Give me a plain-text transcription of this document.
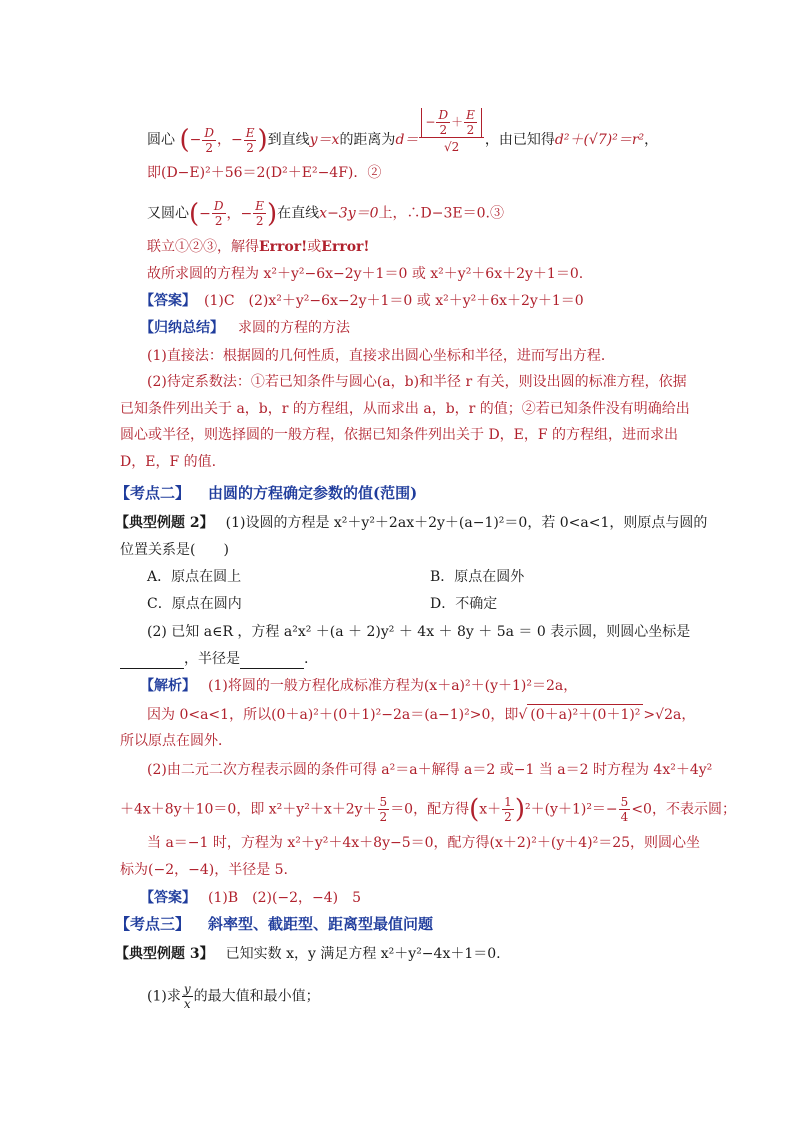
圆心 (− $\frac{D}{2}$ ，− $\frac{E}{2}$ )到直线y＝x的距离为$d= \frac{- \frac{D}{2} + \frac{E}{2}}{√2}$ ，由已知得d²＋(√7)²＝r²，
即(D−E)²＋56＝2(D²＋E²−4F)．②
又圆心(− $\frac{D}{2}$ ，− $\frac{E}{2}$ )在直线x−3y＝0上，∴D−3E＝0.③
联立①②③，解得Error!或Error!
故所求圆的方程为 x²＋y²−6x−2y＋1＝0 或 x²＋y²＋6x＋2y＋1＝0.
【答案】 (1)C　(2)x²＋y²−6x−2y＋1＝0 或 x²＋y²＋6x＋2y＋1＝0
【归纳总结】 求圆的方程的方法
(1)直接法：根据圆的几何性质，直接求出圆心坐标和半径，进而写出方程．
(2)待定系数法：①若已知条件与圆心(a，b)和半径 r 有关，则设出圆的标准方程，依据
已知条件列出关于 a，b，r 的方程组，从而求出 a，b，r 的值；②若已知条件没有明确给出
圆心或半径，则选择圆的一般方程，依据已知条件列出关于 D，E，F 的方程组，进而求出
D，E，F 的值.
【考点二】 由圆的方程确定参数的值(范围)
【典型例题 2】 (1)设圆的方程是 x²＋y²＋2ax＋2y＋(a−1)²＝0，若 0<a<1，则原点与圆的
位置关系是(　　)
A．原点在圆上	B．原点在圆外
C．原点在圆内	D．不确定
(2) 已知 a∈R ，方程 a²x² ＋(a ＋ 2)y² ＋ 4x ＋ 8y ＋ 5a ＝ 0 表示圆，则圆心坐标是
，半径是	.
【解析】 (1)将圆的一般方程化成标准方程为(x＋a)²＋(y＋1)²＝2a，
因为 0<a<1，所以(0＋a)²＋(0＋1)²−2a＝(a−1)²>0，即√ (0＋a)²＋(0＋1)² >√2a，
所以原点在圆外．
(2)由二元二次方程表示圆的条件可得 a²＝a＋解得 a＝2 或−1 当 a＝2 时方程为 4x²＋4y²
＋4x＋8y＋10＝0，即 $x^2+y^2+x+2y+ \frac{5}{2} =0$，配方得$(x+ \frac{1}{2} )^2+(y+1)^2=- \frac{5}{4} <0$，不表示圆；
当 a＝−1 时，方程为 x²＋y²＋4x＋8y−5＝0，配方得(x＋2)²＋(y＋4)²＝25，则圆心坐
标为(−2，−4)，半径是 5.
【答案】 (1)B　(2)(−2，−4)　5
【考点三】 斜率型、截距型、距离型最值问题
【典型例题 3】 已知实数 x，y 满足方程 x²＋y²−4x＋1＝0.
(1)求 $\frac{y}{x}$ 的最大值和最小值；
